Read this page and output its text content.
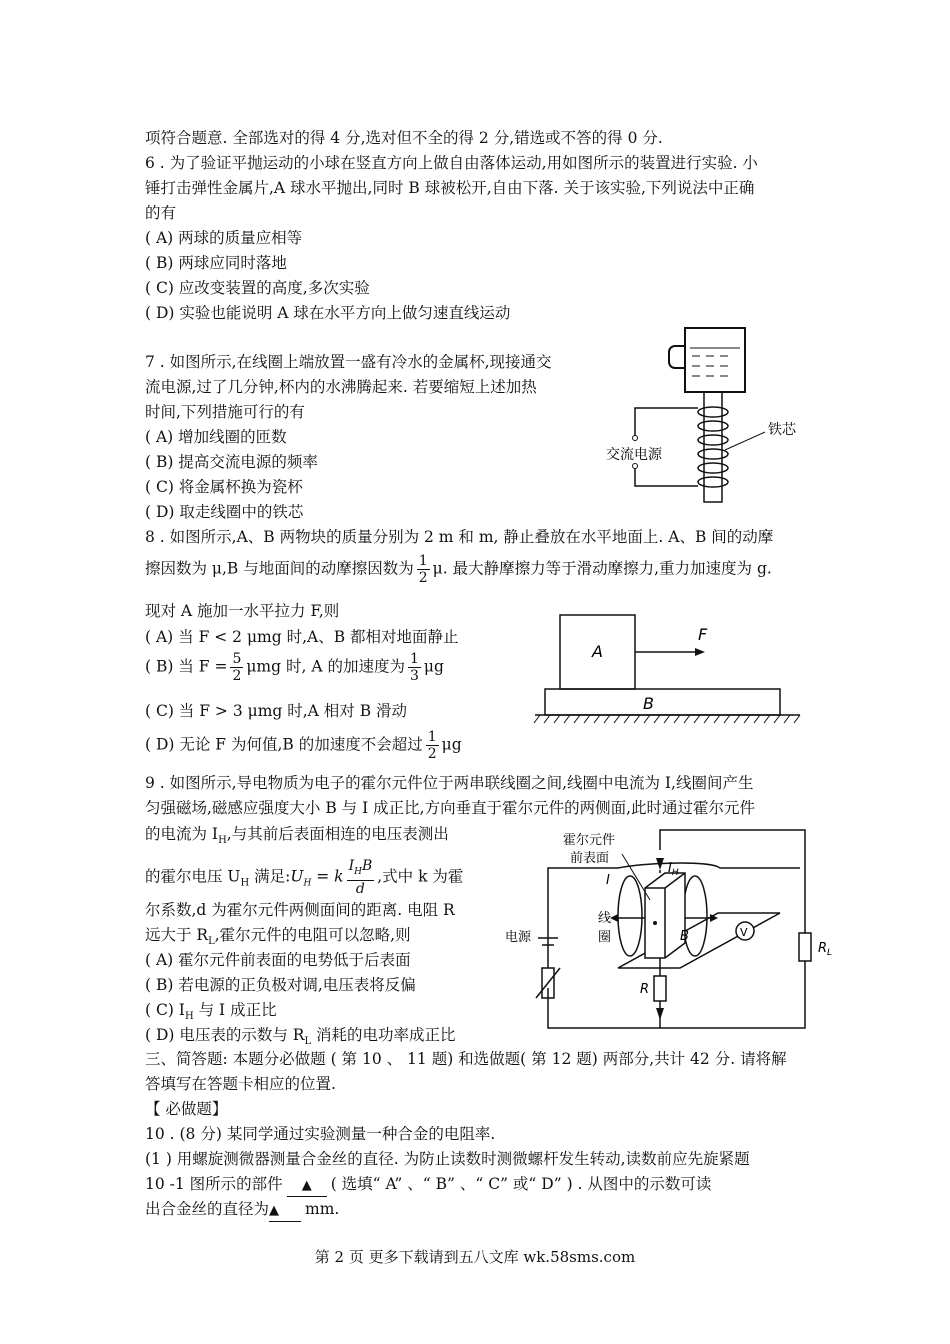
项符合题意. 全部选对的得 4 分,选对但不全的得 2 分,错选或不答的得 0 分.
6 . 为了验证平抛运动的小球在竖直方向上做自由落体运动,用如图所示的装置进行实验. 小
锤打击弹性金属片,A 球水平抛出,同时 B 球被松开,自由下落. 关于该实验,下列说法中正确
的有
( A) 两球的质量应相等
( B) 两球应同时落地
( C) 应改变装置的高度,多次实验
( D) 实验也能说明 A 球在水平方向上做匀速直线运动
7 . 如图所示,在线圈上端放置一盛有冷水的金属杯,现接通交
流电源,过了几分钟,杯内的水沸腾起来. 若要缩短上述加热
时间,下列措施可行的有
( A) 增加线圈的匝数
( B) 提高交流电源的频率
( C) 将金属杯换为瓷杯
( D) 取走线圈中的铁芯
铁芯
交流电源
8 . 如图所示,A、B 两物块的质量分别为 2 m 和 m, 静止叠放在水平地面上. A、B 间的动摩
擦因数为 μ,B 与地面间的动摩擦因数为 $\frac{1}{2} \mu$. 最大静摩擦力等于滑动摩擦力,重力加速度为 g.
现对 A 施加一水平拉力 F,则
( A) 当 F < 2 μmg 时,A、B 都相对地面静止
( B) 当 $F = \frac{5}{2}$ μmg 时, A 的加速度为 $\frac{1}{3}$ μg
( C) 当 F > 3 μmg 时,A 相对 B 滑动
( D) 无论 F 为何值,B 的加速度不会超过 $\frac{1}{2}$ μg
A
F
B
9 . 如图所示,导电物质为电子的霍尔元件位于两串联线圈之间,线圈中电流为 I,线圈间产生
匀强磁场,磁感应强度大小 B 与 I 成正比,方向垂直于霍尔元件的两侧面,此时通过霍尔元件
的电流为 $I_H$,与其前后表面相连的电压表测出
的霍尔电压 $U_H$ 满足$:U_H = k \frac{I_HB}{d}$ ,式中 k 为霍
尔系数,d 为霍尔元件两侧面间的距离. 电阻 R
远大于 $R_L$,霍尔元件的电阻可以忽略,则
( A) 霍尔元件前表面的电势低于后表面
( B) 若电源的正负极对调,电压表将反偏
( C) $I_H$ 与 I 成正比
( D) 电压表的示数与 $R_L$ 消耗的电功率成正比
霍尔元件
前表面
$I_H$
I
线
圈	B	V
电源
R
$R_L$
三、简答题: 本题分必做题 ( 第 10 、 11 题) 和选做题( 第 12 题) 两部分,共计 42 分. 请将解
答填写在答题卡相应的位置.
【 必做题】
10 . (8 分) 某同学通过实验测量一种合金的电阻率.
(1 ) 用螺旋测微器测量合金丝的直径. 为防止读数时测微螺杆发生转动,读数前应先旋紧题
10 -1 图所示的部件 ▲ ( 选填“ A” 、“ B” 、“ C” 或“ D” ) . 从图中的示数可读
出合金丝的直径为▲ mm.
第 2 页 更多下载请到五八文库 wk.58sms.com
